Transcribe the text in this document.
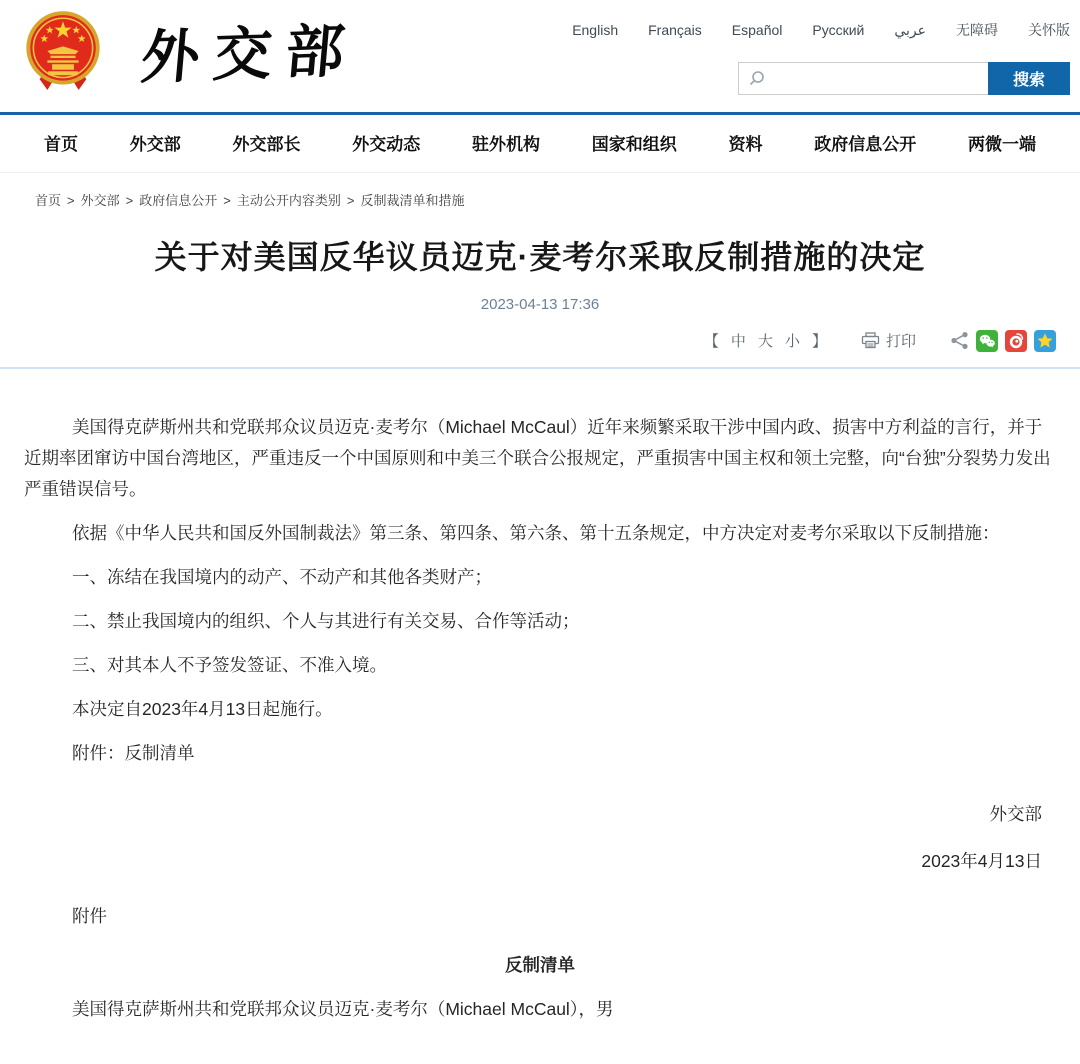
外交部	English Français Español Русский عربي 无障碍 关怀版
搜索
首页	外交部	外交部长	外交动态	驻外机构	国家和组织	资料	政府信息公开	两微一端
首页 > 外交部 > 政府信息公开 > 主动公开内容类别 > 反制裁清单和措施
关于对美国反华议员迈克·麦考尔采取反制措施的决定
2023-04-13 17:36
【 中 大 小 】	打印

美国得克萨斯州共和党联邦众议员迈克·麦考尔（Michael McCaul）近年来频繁采取干涉中国内政、损害中方利益的言行，并于近期率团窜访中国台湾地区，严重违反一个中国原则和中美三个联合公报规定，严重损害中国主权和领土完整，向“台独”分裂势力发出严重错误信号。

依据《中华人民共和国反外国制裁法》第三条、第四条、第六条、第十五条规定，中方决定对麦考尔采取以下反制措施：

一、冻结在我国境内的动产、不动产和其他各类财产；

二、禁止我国境内的组织、个人与其进行有关交易、合作等活动；

三、对其本人不予签发签证、不准入境。

本决定自2023年4月13日起施行。

附件：反制清单

外交部

2023年4月13日

附件

反制清单

美国得克萨斯州共和党联邦众议员迈克·麦考尔（Michael McCaul），男
